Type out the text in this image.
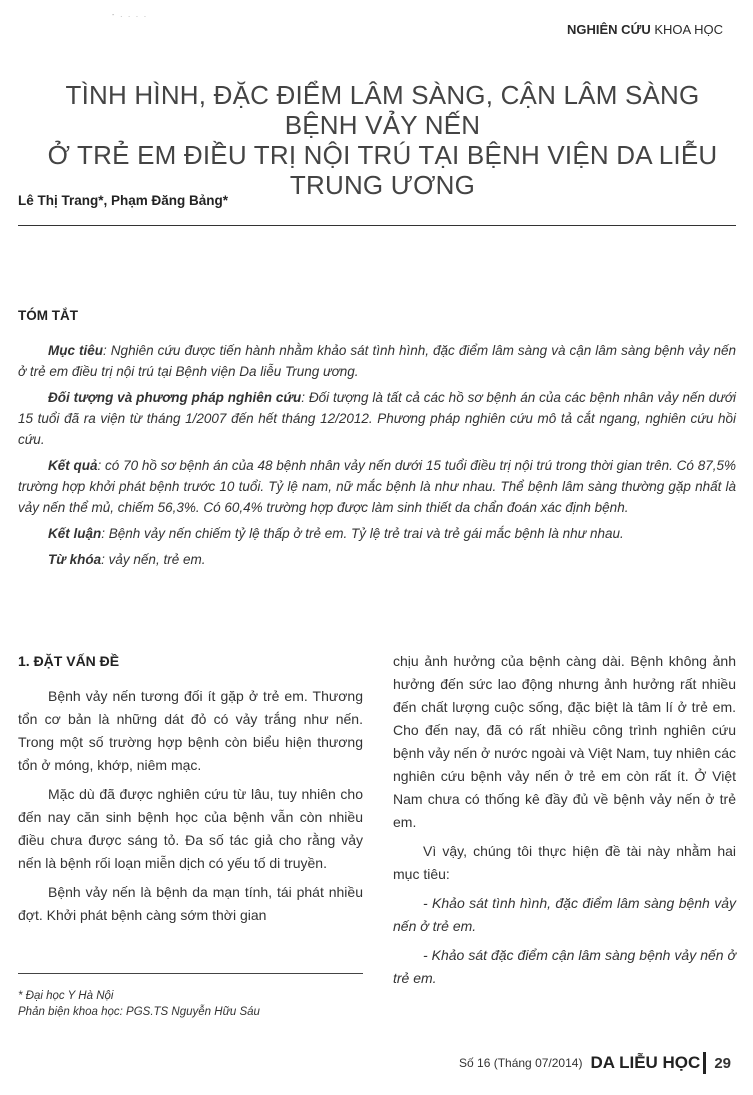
- . . . .
NGHIÊN CỨU KHOA HỌC
TÌNH HÌNH, ĐẶC ĐIỂM LÂM SÀNG, CẬN LÂM SÀNG BỆNH VẢY NẾN
Ở TRẺ EM ĐIỀU TRỊ NỘI TRÚ TẠI BỆNH VIỆN DA LIỄU TRUNG ƯƠNG
Lê Thị Trang*, Phạm Đăng Bảng*
TÓM TẮT

Mục tiêu: Nghiên cứu được tiến hành nhằm khảo sát tình hình, đặc điểm lâm sàng và cận lâm sàng bệnh vảy nến ở trẻ em điều trị nội trú tại Bệnh viện Da liễu Trung ương.

Đối tượng và phương pháp nghiên cứu: Đối tượng là tất cả các hồ sơ bệnh án của các bệnh nhân vảy nến dưới 15 tuổi đã ra viện từ tháng 1/2007 đến hết tháng 12/2012. Phương pháp nghiên cứu mô tả cắt ngang, nghiên cứu hồi cứu.

Kết quả: có 70 hồ sơ bệnh án của 48 bệnh nhân vảy nến dưới 15 tuổi điều trị nội trú trong thời gian trên. Có 87,5% trường hợp khởi phát bệnh trước 10 tuổi. Tỷ lệ nam, nữ mắc bệnh là như nhau. Thể bệnh lâm sàng thường gặp nhất là vảy nến thể mủ, chiếm 56,3%. Có 60,4% trường hợp được làm sinh thiết da chẩn đoán xác định bệnh.

Kết luận: Bệnh vảy nến chiếm tỷ lệ thấp ở trẻ em. Tỷ lệ trẻ trai và trẻ gái mắc bệnh là như nhau.

Từ khóa: vảy nến, trẻ em.

1. ĐẶT VẤN ĐỀ

Bệnh vảy nến tương đối ít gặp ở trẻ em. Thương tổn cơ bản là những dát đỏ có vảy trắng như nến. Trong một số trường hợp bệnh còn biểu hiện thương tổn ở móng, khớp, niêm mạc.

Mặc dù đã được nghiên cứu từ lâu, tuy nhiên cho đến nay căn sinh bệnh học của bệnh vẫn còn nhiều điều chưa được sáng tỏ. Đa số tác giả cho rằng vảy nến là bệnh rối loạn miễn dịch có yếu tố di truyền.

Bệnh vảy nến là bệnh da mạn tính, tái phát nhiều đợt. Khởi phát bệnh càng sớm thời gian

chịu ảnh hưởng của bệnh càng dài. Bệnh không ảnh hưởng đến sức lao động nhưng ảnh hưởng rất nhiều đến chất lượng cuộc sống, đặc biệt là tâm lí ở trẻ em. Cho đến nay, đã có rất nhiều công trình nghiên cứu bệnh vảy nến ở nước ngoài và Việt Nam, tuy nhiên các nghiên cứu bệnh vảy nến ở trẻ em còn rất ít. Ở Việt Nam chưa có thống kê đầy đủ về bệnh vảy nến ở trẻ em.

Vì vậy, chúng tôi thực hiện đề tài này nhằm hai mục tiêu:

- Khảo sát tình hình, đặc điểm lâm sàng bệnh vảy nến ở trẻ em.

- Khảo sát đặc điểm cận lâm sàng bệnh vảy nến ở trẻ em.

* Đại học Y Hà Nội
Phản biện khoa học: PGS.TS Nguyễn Hữu Sáu
Số 16 (Tháng 07/2014) DA LIỄU HỌC 29
